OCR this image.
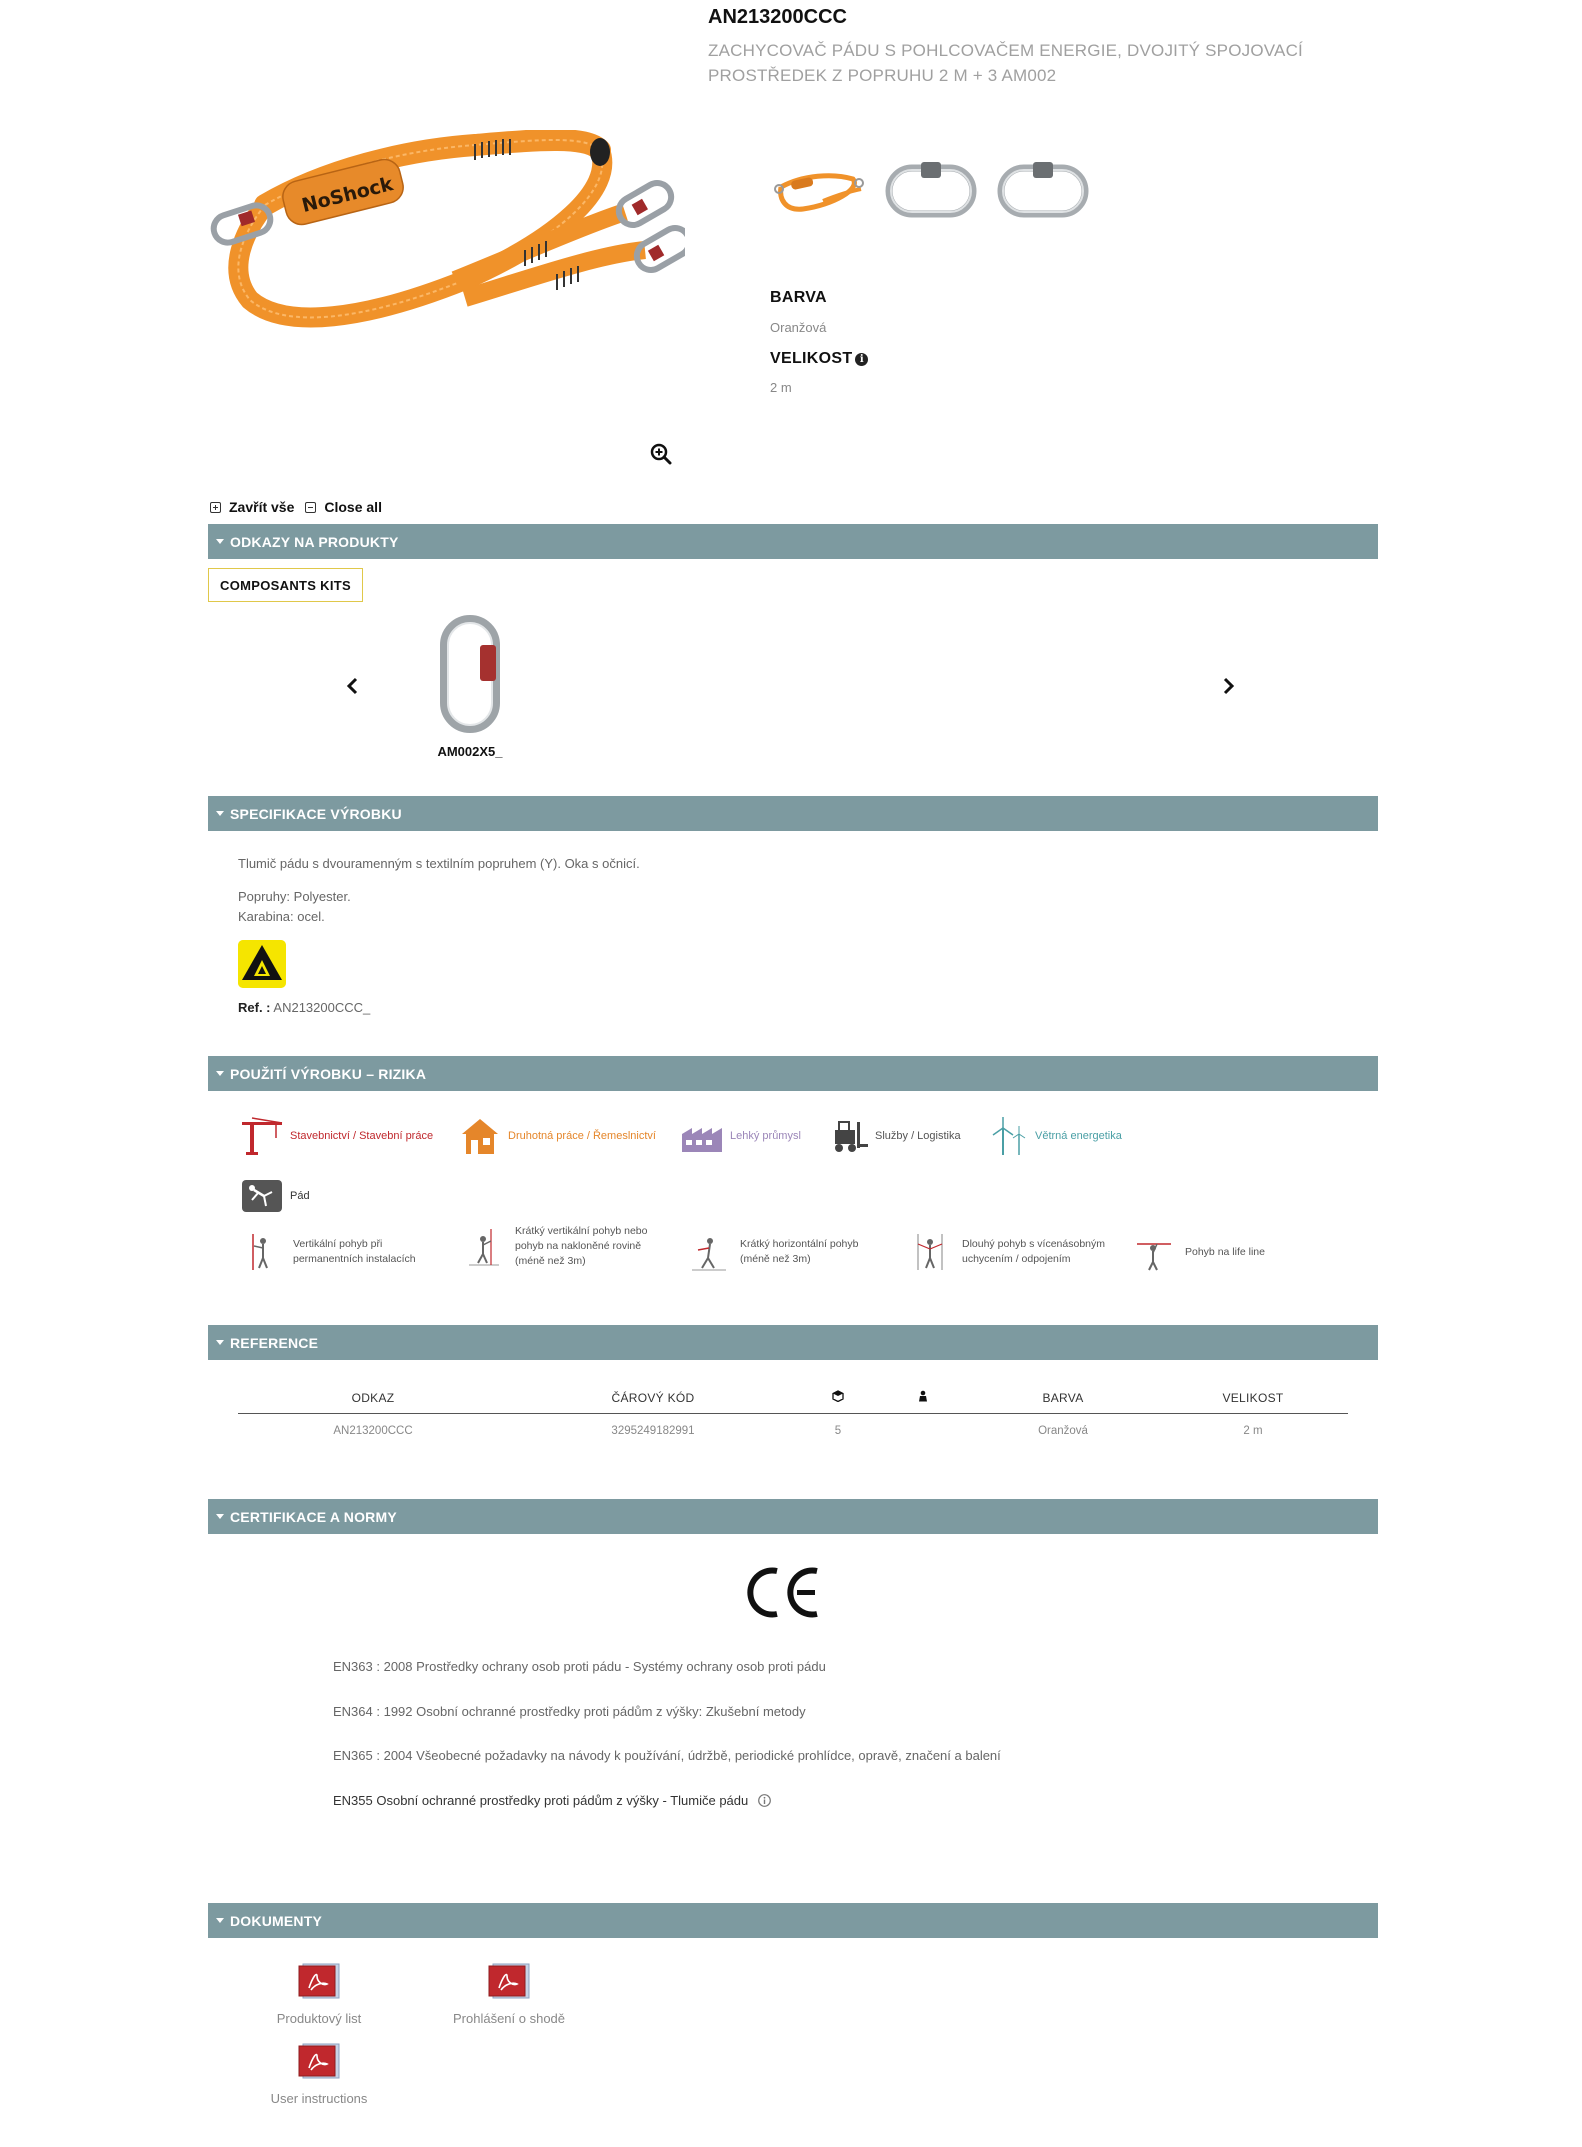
AN213200CCC
ZACHYCOVAČ PÁDU S POHLCOVAČEM ENERGIE, DVOJITÝ SPOJOVACÍ PROSTŘEDEK Z POPRUHU 2 M + 3 AM002
NoShock
BARVA
Oranžová
VELIKOST i
2 m
Zavřít vše Close all
ODKAZY NA PRODUKTY
COMPOSANTS KITS
AM002X5_
SPECIFIKACE VÝROBKU
Tlumič pádu s dvouramenným s textilním popruhem (Y). Oka s očnicí.
Popruhy: Polyester.
Karabina: ocel.
Ref. : AN213200CCC_
POUŽITÍ VÝROBKU – RIZIKA
Stavebnictví / Stavební práce	Druhotná práce / Řemeslnictví	Lehký průmysl	Služby / Logistika	Větrná energetika
Pád
Vertikální pohyb při
permanentních instalacích
Krátký vertikální pohyb nebo
pohyb na nakloněné rovině
(méně než 3m)
Krátký horizontální pohyb
(méně než 3m)
Dlouhý pohyb s vícenásobným
uchycením / odpojením
Pohyb na life line
REFERENCE
ODKAZ	ČÁROVÝ KÓD			BARVA	VELIKOST
AN213200CCC	3295249182991	5		Oranžová	2 m
CERTIFIKACE A NORMY
EN363 : 2008 Prostředky ochrany osob proti pádu - Systémy ochrany osob proti pádu
EN364 : 1992 Osobní ochranné prostředky proti pádům z výšky: Zkušební metody
EN365 : 2004 Všeobecné požadavky na návody k používání, údržbě, periodické prohlídce, opravě, značení a balení
EN355 Osobní ochranné prostředky proti pádům z výšky - Tlumiče pádu
DOKUMENTY
Produktový list	Prohlášení o shodě
User instructions
